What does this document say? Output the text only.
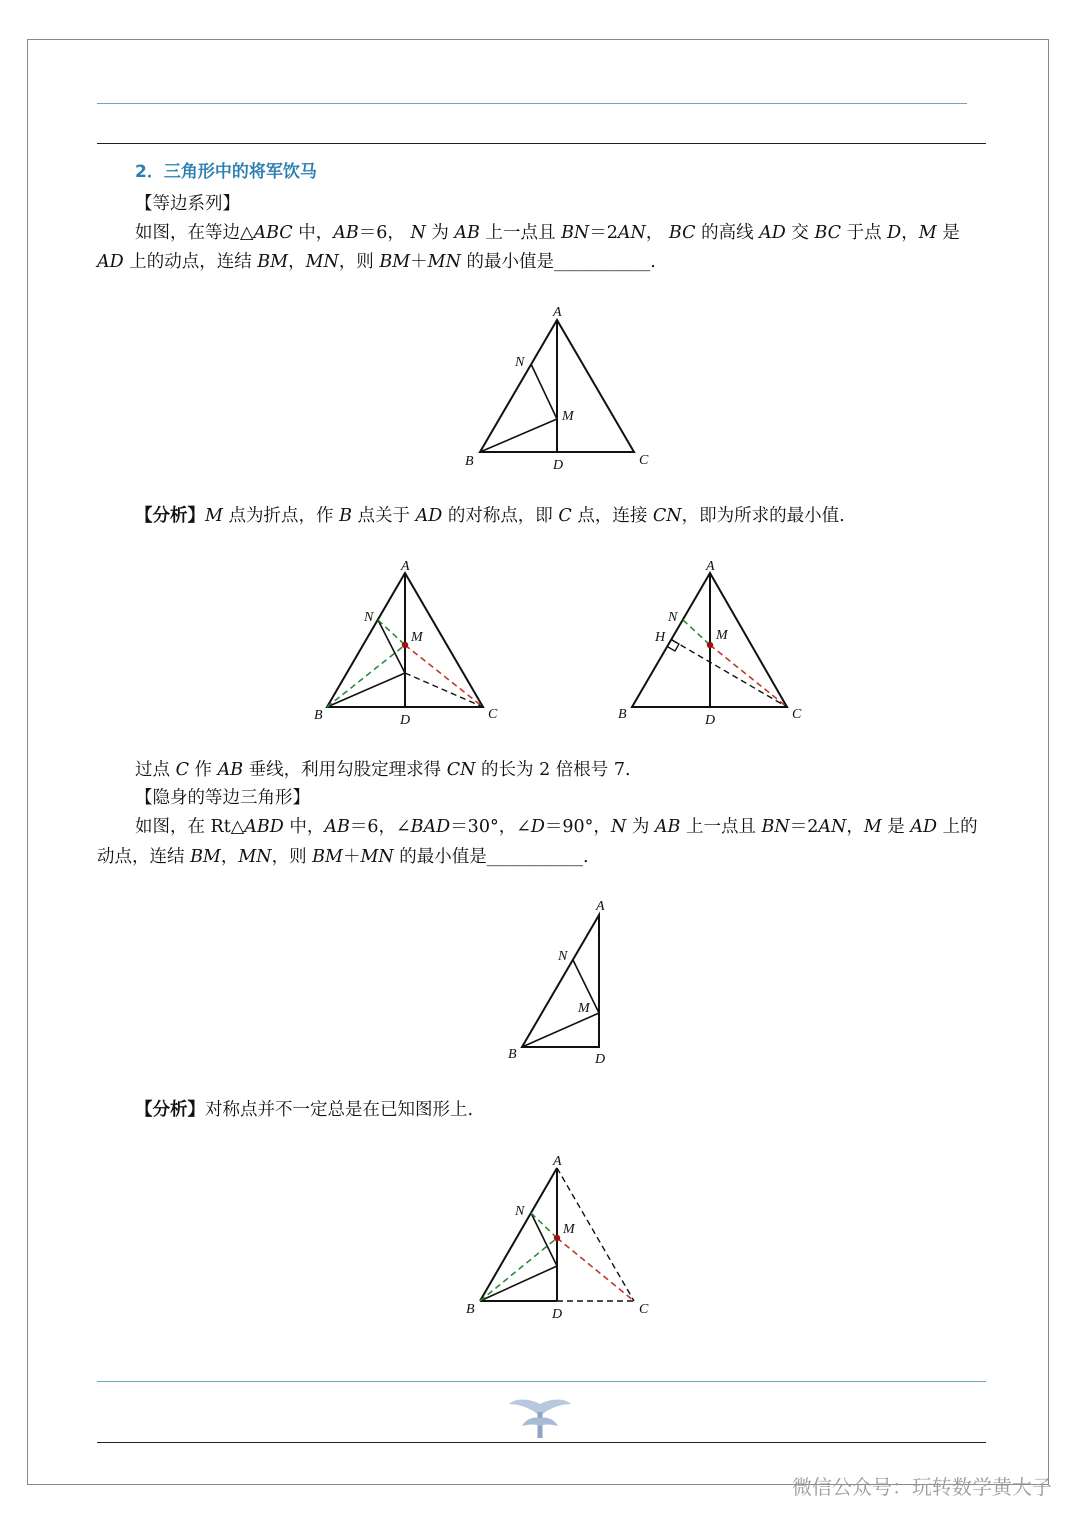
2．三角形中的将军饮马
【等边系列】
如图，在等边△ABC 中，AB＝6， N 为 AB 上一点且 BN＝2AN， BC 的高线 AD 交 BC 于点 D，M 是
AD 上的动点，连结 BM，MN，则 BM＋MN 的最小值是___________.
A
N
M
B	D	C
【分析】M 点为折点，作 B 点关于 AD 的对称点，即 C 点，连接 CN，即为所求的最小值.
A
N
M
B	D	C
A
N
H	M
B	D	C
过点 C 作 AB 垂线，利用勾股定理求得 CN 的长为 2 倍根号 7.
【隐身的等边三角形】
如图，在 Rt△ABD 中，AB＝6，∠BAD＝30°，∠D＝90°，N 为 AB 上一点且 BN＝2AN，M 是 AD 上的
动点，连结 BM，MN，则 BM＋MN 的最小值是___________.
A
N
M
B	D
【分析】对称点并不一定总是在已知图形上.
A
N
M
B	D	C
微信公众号：玩转数学黄大子
